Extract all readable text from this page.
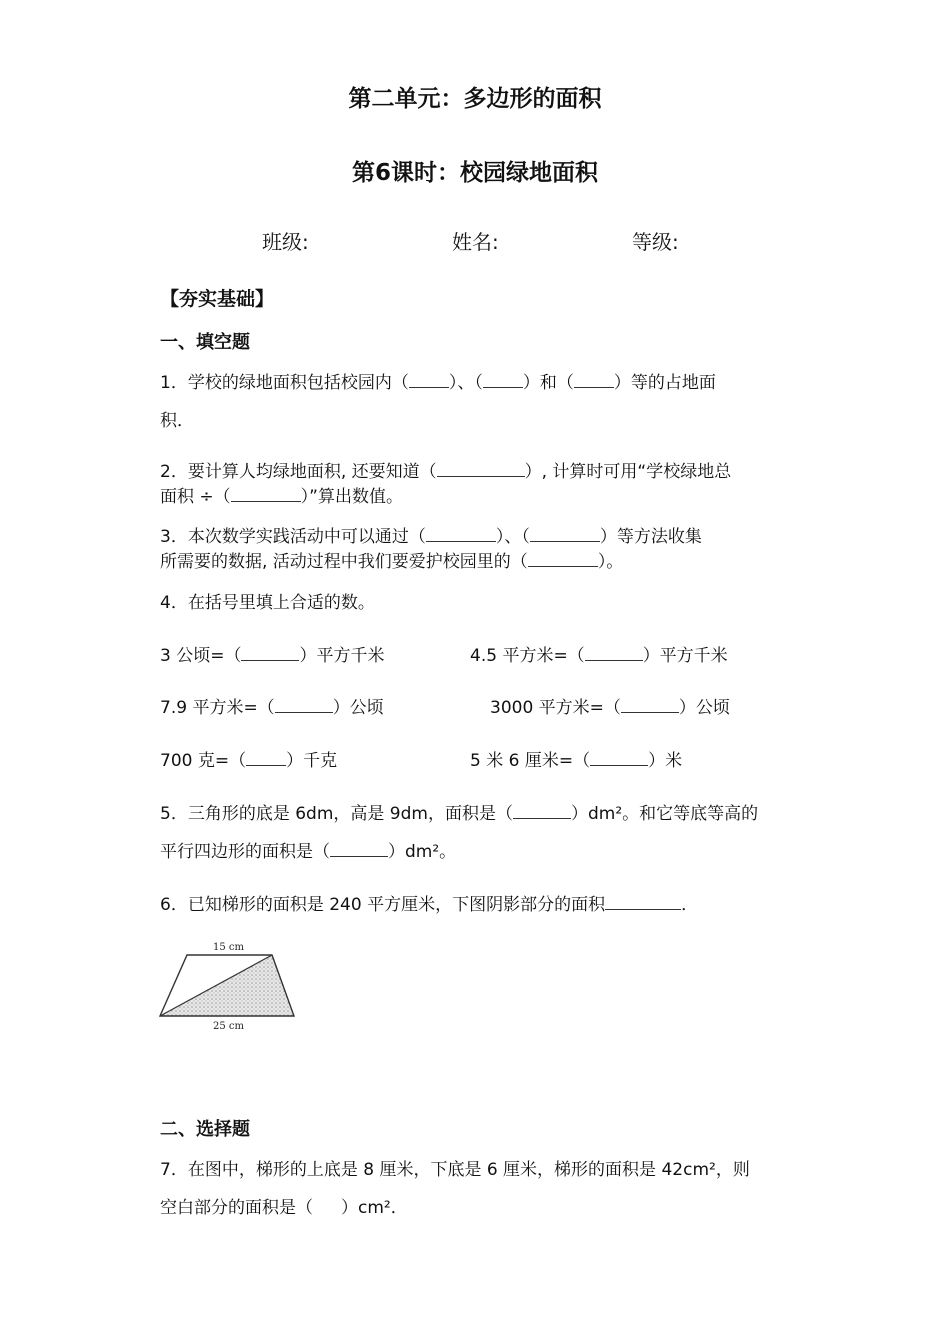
第二单元：多边形的面积
第6课时：校园绿地面积
班级:	姓名:	等级:
【夯实基础】
一、填空题
1．学校的绿地面积包括校园内（ ）、（ ）和（ ）等的占地面
积．
2．要计算人均绿地面积, 还要知道（	）, 计算时可用“学校绿地总
面积 ÷（	）”算出数值。
3．本次数学实践活动中可以通过（	）、（	）等方法收集
所需要的数据, 活动过程中我们要爱护校园里的（	）。
4．在括号里填上合适的数。
3 公顷=（	）平方千米	4.5 平方米=（	）平方千米
7.9 平方米=（	）公顷	3000 平方米=（	）公顷
700 克=（ ）千克	5 米 6 厘米=（	）米
5．三角形的底是 6dm，高是 9dm，面积是（	）dm²。和它等底等高的
平行四边形的面积是（	）dm²。
6．已知梯形的面积是 240 平方厘米，下图阴影部分的面积	．
15 cm
25 cm
二、选择题
7．在图中，梯形的上底是 8 厘米，下底是 6 厘米，梯形的面积是 42cm²，则
空白部分的面积是（ ）cm²．
